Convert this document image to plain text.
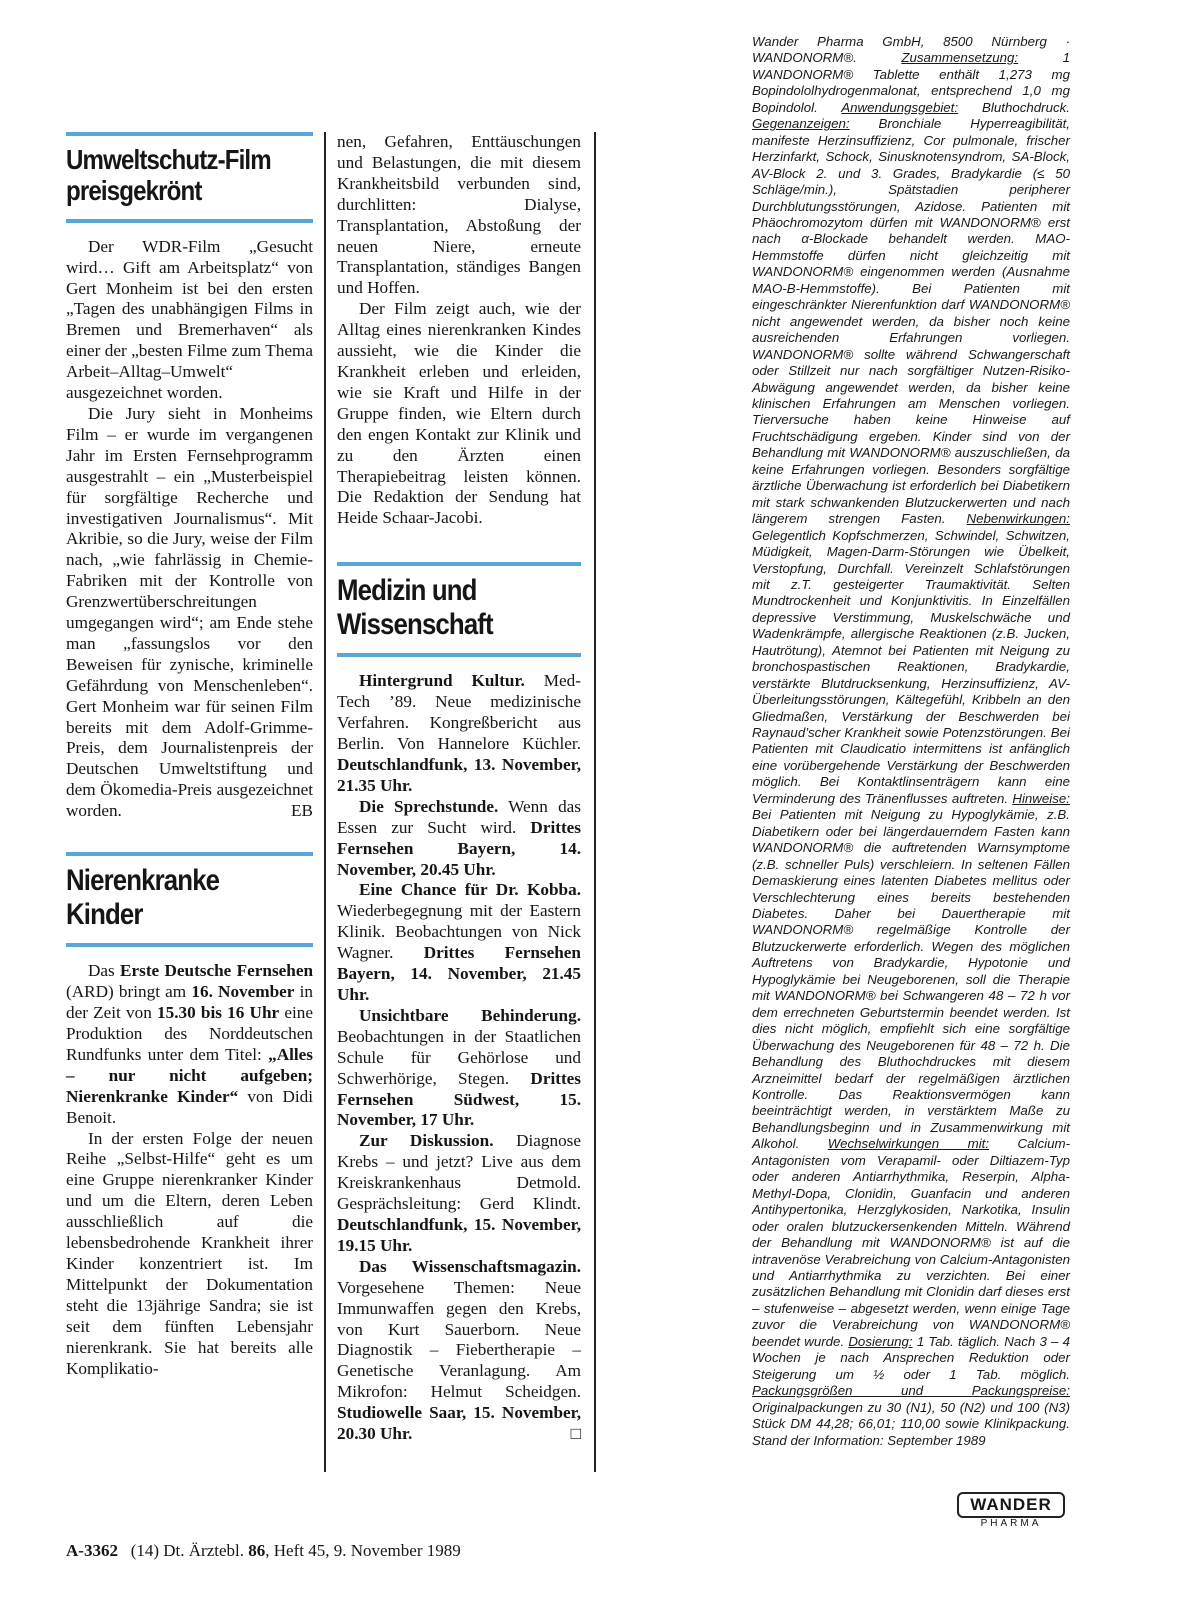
Umweltschutz-Film preisgekrönt

Der WDR-Film „Gesucht wird… Gift am Arbeitsplatz“ von Gert Monheim ist bei den ersten „Tagen des unabhängigen Films in Bremen und Bremerhaven“ als einer der „besten Filme zum Thema Arbeit–Alltag–Umwelt“ ausgezeichnet worden.

Die Jury sieht in Monheims Film – er wurde im vergangenen Jahr im Ersten Fernsehprogramm ausgestrahlt – ein „Musterbeispiel für sorgfältige Recherche und investigativen Journalismus“. Mit Akribie, so die Jury, weise der Film nach, „wie fahrlässig in Chemie-Fabriken mit der Kontrolle von Grenzwertüberschreitungen umgegangen wird“; am Ende stehe man „fassungslos vor den Beweisen für zynische, kriminelle Gefährdung von Menschenleben“. Gert Monheim war für seinen Film bereits mit dem Adolf-Grimme-Preis, dem Journalistenpreis der Deutschen Umweltstiftung und dem Ökomedia-Preis ausgezeichnet worden.	EB

Nierenkranke Kinder

Das Erste Deutsche Fernsehen (ARD) bringt am 16. November in der Zeit von 15.30 bis 16 Uhr eine Produktion des Norddeutschen Rundfunks unter dem Titel: „Alles – nur nicht aufgeben; Nierenkranke Kinder“ von Didi Benoit.

In der ersten Folge der neuen Reihe „Selbst-Hilfe“ geht es um eine Gruppe nierenkranker Kinder und um die Eltern, deren Leben ausschließlich auf die lebensbedrohende Krankheit ihrer Kinder konzentriert ist. Im Mittelpunkt der Dokumentation steht die 13jährige Sandra; sie ist seit dem fünften Lebensjahr nierenkrank. Sie hat bereits alle Komplikatio-

nen, Gefahren, Enttäuschungen und Belastungen, die mit diesem Krankheitsbild verbunden sind, durchlitten: Dialyse, Transplantation, Abstoßung der neuen Niere, erneute Transplantation, ständiges Bangen und Hoffen.

Der Film zeigt auch, wie der Alltag eines nierenkranken Kindes aussieht, wie die Kinder die Krankheit erleben und erleiden, wie sie Kraft und Hilfe in der Gruppe finden, wie Eltern durch den engen Kontakt zur Klinik und zu den Ärzten einen Therapiebeitrag leisten können. Die Redaktion der Sendung hat Heide Schaar-Jacobi.

Medizin und Wissenschaft

Hintergrund Kultur. Med-Tech ’89. Neue medizinische Verfahren. Kongreßbericht aus Berlin. Von Hannelore Küchler. Deutschlandfunk, 13. November, 21.35 Uhr.

Die Sprechstunde. Wenn das Essen zur Sucht wird. Drittes Fernsehen Bayern, 14. November, 20.45 Uhr.

Eine Chance für Dr. Kobba. Wiederbegegnung mit der Eastern Klinik. Beobachtungen von Nick Wagner. Drittes Fernsehen Bayern, 14. November, 21.45 Uhr.

Unsichtbare Behinderung. Beobachtungen in der Staatlichen Schule für Gehörlose und Schwerhörige, Stegen. Drittes Fernsehen Südwest, 15. November, 17 Uhr.

Zur Diskussion. Diagnose Krebs – und jetzt? Live aus dem Kreiskrankenhaus Detmold. Gesprächsleitung: Gerd Klindt. Deutschlandfunk, 15. November, 19.15 Uhr.

Das Wissenschaftsmagazin. Vorgesehene Themen: Neue Immunwaffen gegen den Krebs, von Kurt Sauerborn. Neue Diagnostik – Fiebertherapie – Genetische Veranlagung. Am Mikrofon: Helmut Scheidgen. Studiowelle Saar, 15. November, 20.30 Uhr.	□

Wander Pharma GmbH, 8500 Nürnberg · WANDONORM®. Zusammensetzung: 1 WANDONORM® Tablette enthält 1,273 mg Bopindololhydrogenmalonat, entsprechend 1,0 mg Bopindolol. Anwendungsgebiet: Bluthochdruck. Gegenanzeigen: Bronchiale Hyperreagibilität, manifeste Herzinsuffizienz, Cor pulmonale, frischer Herzinfarkt, Schock, Sinusknotensyndrom, SA-Block, AV-Block 2. und 3. Grades, Bradykardie (≤ 50 Schläge/min.), Spätstadien peripherer Durchblutungsstörungen, Azidose. Patienten mit Phäochromozytom dürfen mit WANDONORM® erst nach α-Blockade behandelt werden. MAO-Hemmstoffe dürfen nicht gleichzeitig mit WANDONORM® eingenommen werden (Ausnahme MAO-B-Hemmstoffe). Bei Patienten mit eingeschränkter Nierenfunktion darf WANDONORM® nicht angewendet werden, da bisher noch keine ausreichenden Erfahrungen vorliegen. WANDONORM® sollte während Schwangerschaft oder Stillzeit nur nach sorgfältiger Nutzen-Risiko-Abwägung angewendet werden, da bisher keine klinischen Erfahrungen am Menschen vorliegen. Tierversuche haben keine Hinweise auf Fruchtschädigung ergeben. Kinder sind von der Behandlung mit WANDONORM® auszuschließen, da keine Erfahrungen vorliegen. Besonders sorgfältige ärztliche Überwachung ist erforderlich bei Diabetikern mit stark schwankenden Blutzuckerwerten und nach längerem strengen Fasten. Nebenwirkungen: Gelegentlich Kopfschmerzen, Schwindel, Schwitzen, Müdigkeit, Magen-Darm-Störungen wie Übelkeit, Verstopfung, Durchfall. Vereinzelt Schlafstörungen mit z.T. gesteigerter Traumaktivität. Selten Mundtrockenheit und Konjunktivitis. In Einzelfällen depressive Verstimmung, Muskelschwäche und Wadenkrämpfe, allergische Reaktionen (z.B. Jucken, Hautrötung), Atemnot bei Patienten mit Neigung zu bronchospastischen Reaktionen, Bradykardie, verstärkte Blutdrucksenkung, Herzinsuffizienz, AV-Überleitungsstörungen, Kältegefühl, Kribbeln an den Gliedmaßen, Verstärkung der Beschwerden bei Raynaud’scher Krankheit sowie Potenzstörungen. Bei Patienten mit Claudicatio intermittens ist anfänglich eine vorübergehende Verstärkung der Beschwerden möglich. Bei Kontaktlinsenträgern kann eine Verminderung des Tränenflusses auftreten. Hinweise: Bei Patienten mit Neigung zu Hypoglykämie, z.B. Diabetikern oder bei längerdauerndem Fasten kann WANDONORM® die auftretenden Warnsymptome (z.B. schneller Puls) verschleiern. In seltenen Fällen Demaskierung eines latenten Diabetes mellitus oder Verschlechterung eines bereits bestehenden Diabetes. Daher bei Dauertherapie mit WANDONORM® regelmäßige Kontrolle der Blutzuckerwerte erforderlich. Wegen des möglichen Auftretens von Bradykardie, Hypotonie und Hypoglykämie bei Neugeborenen, soll die Therapie mit WANDONORM® bei Schwangeren 48 – 72 h vor dem errechneten Geburtstermin beendet werden. Ist dies nicht möglich, empfiehlt sich eine sorgfältige Überwachung des Neugeborenen für 48 – 72 h. Die Behandlung des Bluthochdruckes mit diesem Arzneimittel bedarf der regelmäßigen ärztlichen Kontrolle. Das Reaktionsvermögen kann beeinträchtigt werden, in verstärktem Maße zu Behandlungsbeginn und in Zusammenwirkung mit Alkohol. Wechselwirkungen mit: Calcium-Antagonisten vom Verapamil- oder Diltiazem-Typ oder anderen Antiarrhythmika, Reserpin, Alpha-Methyl-Dopa, Clonidin, Guanfacin und anderen Antihypertonika, Herzglykosiden, Narkotika, Insulin oder oralen blutzuckersenkenden Mitteln. Während der Behandlung mit WANDONORM® ist auf die intravenöse Verabreichung von Calcium-Antagonisten und Antiarrhythmika zu verzichten. Bei einer zusätzlichen Behandlung mit Clonidin darf dieses erst – stufenweise – abgesetzt werden, wenn einige Tage zuvor die Verabreichung von WANDONORM® beendet wurde. Dosierung: 1 Tab. täglich. Nach 3 – 4 Wochen je nach Ansprechen Reduktion oder Steigerung um ½ oder 1 Tab. möglich. Packungsgrößen und Packungspreise: Originalpackungen zu 30 (N1), 50 (N2) und 100 (N3) Stück DM 44,28; 66,01; 110,00 sowie Klinikpackung. Stand der Information: September 1989
WANDER
PHARMA
A-3362 (14) Dt. Ärztebl. 86, Heft 45, 9. November 1989
